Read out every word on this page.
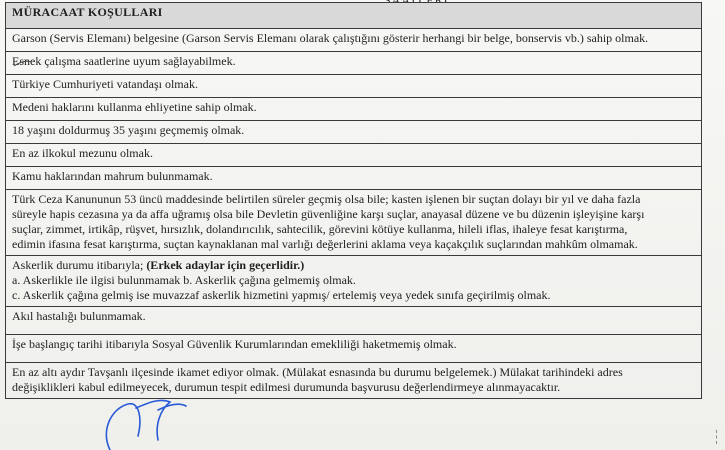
MÜRACAAT KOŞULLARI
Garson (Servis Elemanı) belgesine (Garson Servis Elemanı olarak çalıştığını gösterir herhangi bir belge, bonservis vb.) sahip olmak.
Esnek çalışma saatlerine uyum sağlayabilmek.
Türkiye Cumhuriyeti vatandaşı olmak.
Medeni haklarını kullanma ehliyetine sahip olmak.
18 yaşını doldurmuş 35 yaşını geçmemiş olmak.
En az ilkokul mezunu olmak.
Kamu haklarından mahrum bulunmamak.

Türk Ceza Kanununun 53 üncü maddesinde belirtilen süreler geçmiş olsa bile; kasten işlenen bir suçtan dolayı bir yıl ve daha fazla
süreyle hapis cezasına ya da affa uğramış olsa bile Devletin güvenliğine karşı suçlar, anayasal düzene ve bu düzenin işleyişine karşı
suçlar, zimmet, irtikâp, rüşvet, hırsızlık, dolandırıcılık, sahtecilik, görevini kötüye kullanma, hileli iflas, ihaleye fesat karıştırma,
edimin ifasına fesat karıştırma, suçtan kaynaklanan mal varlığı değerlerini aklama veya kaçakçılık suçlarından mahkûm olmamak.

Askerlik durumu itibarıyla; (Erkek adaylar için geçerlidir.)
a. Askerlikle ile ilgisi bulunmamak b. Askerlik çağına gelmemiş olmak.
c. Askerlik çağına gelmiş ise muvazzaf askerlik hizmetini yapmış/ ertelemiş veya yedek sınıfa geçirilmiş olmak.

Akıl hastalığı bulunmamak.
İşe başlangıç tarihi itibarıyla Sosyal Güvenlik Kurumlarından emekliliği haketmemiş olmak.

En az altı aydır Tavşanlı ilçesinde ikamet ediyor olmak. (Mülakat esnasında bu durumu belgelemek.) Mülakat tarihindeki adres
değişiklikleri kabul edilmeyecek, durumun tespit edilmesi durumunda başvurusu değerlendirmeye alınmayacaktır.
